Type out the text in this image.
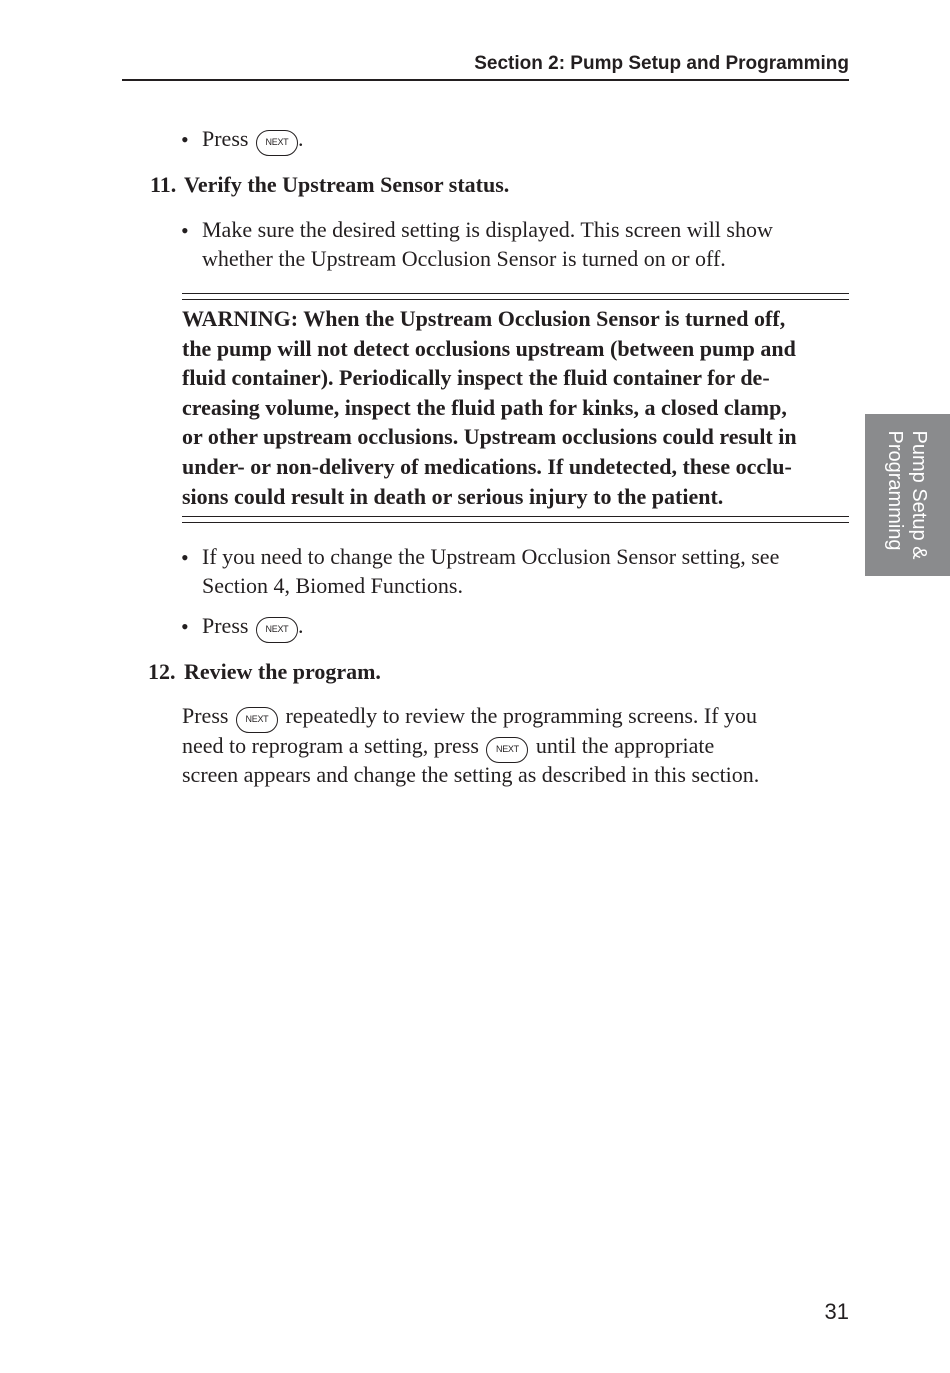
Section 2: Pump Setup and Programming
• Press NEXT .
11. Verify the Upstream Sensor status.
• Make sure the desired setting is displayed. This screen will show
whether the Upstream Occlusion Sensor is turned on or off.
WARNING: When the Upstream Occlusion Sensor is turned off,
the pump will not detect occlusions upstream (between pump and
fluid container). Periodically inspect the fluid container for de-
creasing volume, inspect the fluid path for kinks, a closed clamp,
or other upstream occlusions. Upstream occlusions could result in
under- or non-delivery of medications. If undetected, these occlu-
sions could result in death or serious injury to the patient.
• If you need to change the Upstream Occlusion Sensor setting, see
Section 4, Biomed Functions.
• Press NEXT .
12. Review the program.
Press NEXT repeatedly to review the programming screens. If you
need to reprogram a setting, press NEXT until the appropriate
screen appears and change the setting as described in this section.
Pump Setup &
Programming
31
